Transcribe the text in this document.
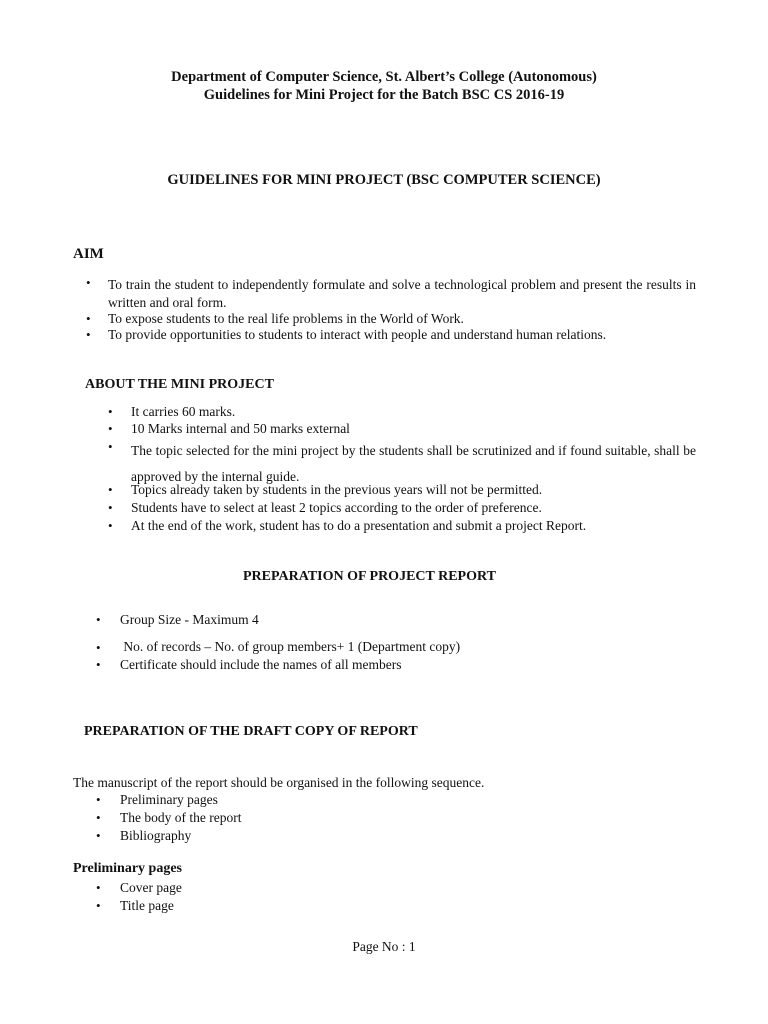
Department of Computer Science, St. Albert’s College (Autonomous)
Guidelines for Mini Project for the Batch BSC CS 2016-19
GUIDELINES FOR MINI PROJECT (BSC COMPUTER SCIENCE)
AIM
• To train the student to independently formulate and solve a technological problem and present the results in written and oral form.
• To expose students to the real life problems in the World of Work.
• To provide opportunities to students to interact with people and understand human relations.
ABOUT THE MINI PROJECT
• It carries 60 marks.
• 10 Marks internal and 50 marks external
• The topic selected for the mini project by the students shall be scrutinized and if found suitable, shall be approved by the internal guide.
• Topics already taken by students in the previous years will not be permitted.
• Students have to select at least 2 topics according to the order of preference.
• At the end of the work, student has to do a presentation and submit a project Report.
PREPARATION OF PROJECT REPORT
• Group Size - Maximum 4
• No. of records – No. of group members+ 1 (Department copy)
• Certificate should include the names of all members
PREPARATION OF THE DRAFT COPY OF REPORT
The manuscript of the report should be organised in the following sequence.
• Preliminary pages
• The body of the report
• Bibliography
Preliminary pages
• Cover page
• Title page
Page No : 1
